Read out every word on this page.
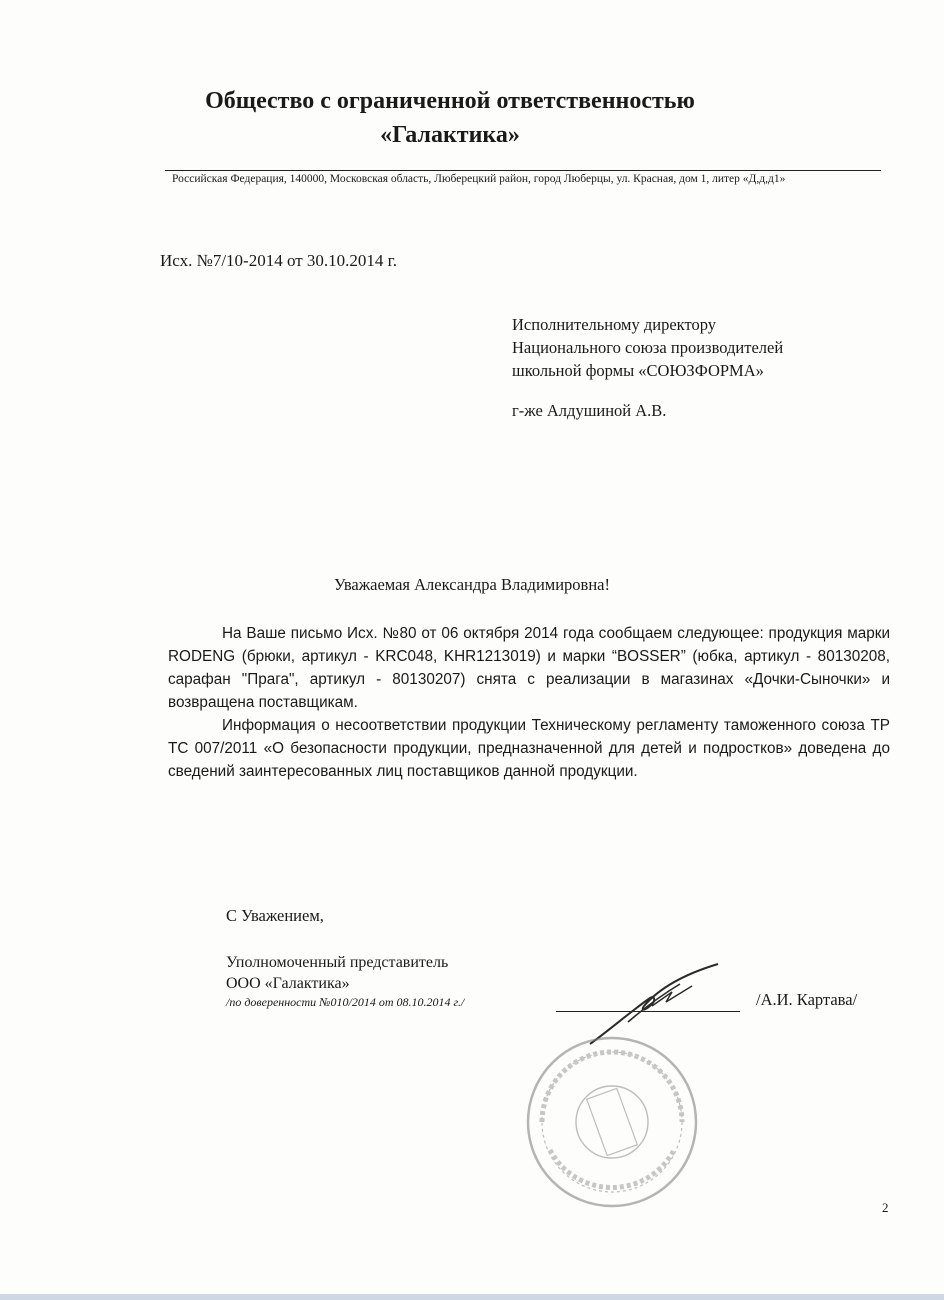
Общество с ограниченной ответственностью
«Галактика»
Российская Федерация, 140000, Московская область, Люберецкий район, город Люберцы, ул. Красная, дом 1, литер «Д,д,д1»
Исх. №7/10-2014 от 30.10.2014 г.
Исполнительному директору
Национального союза производителей
школьной формы «СОЮЗФОРМА»
г-же Алдушиной А.В.
Уважаемая Александра Владимировна!

На Ваше письмо Исх. №80 от 06 октября 2014 года сообщаем следующее: продукция марки RODENG (брюки, артикул - KRC048, KHR1213019) и марки “BOSSER” (юбка, артикул - 80130208, сарафан "Прага", артикул - 80130207) снята с реализации в магазинах «Дочки-Сыночки» и возвращена поставщикам.

Информация о несоответствии продукции Техническому регламенту таможенного союза ТР ТС 007/2011 «О безопасности продукции, предназначенной для детей и подростков» доведена до сведений заинтересованных лиц поставщиков данной продукции.

С Уважением,
Уполномоченный представитель
ООО «Галактика»
/по доверенности №010/2014 от 08.10.2014 г./	/А.И. Картава/
2
